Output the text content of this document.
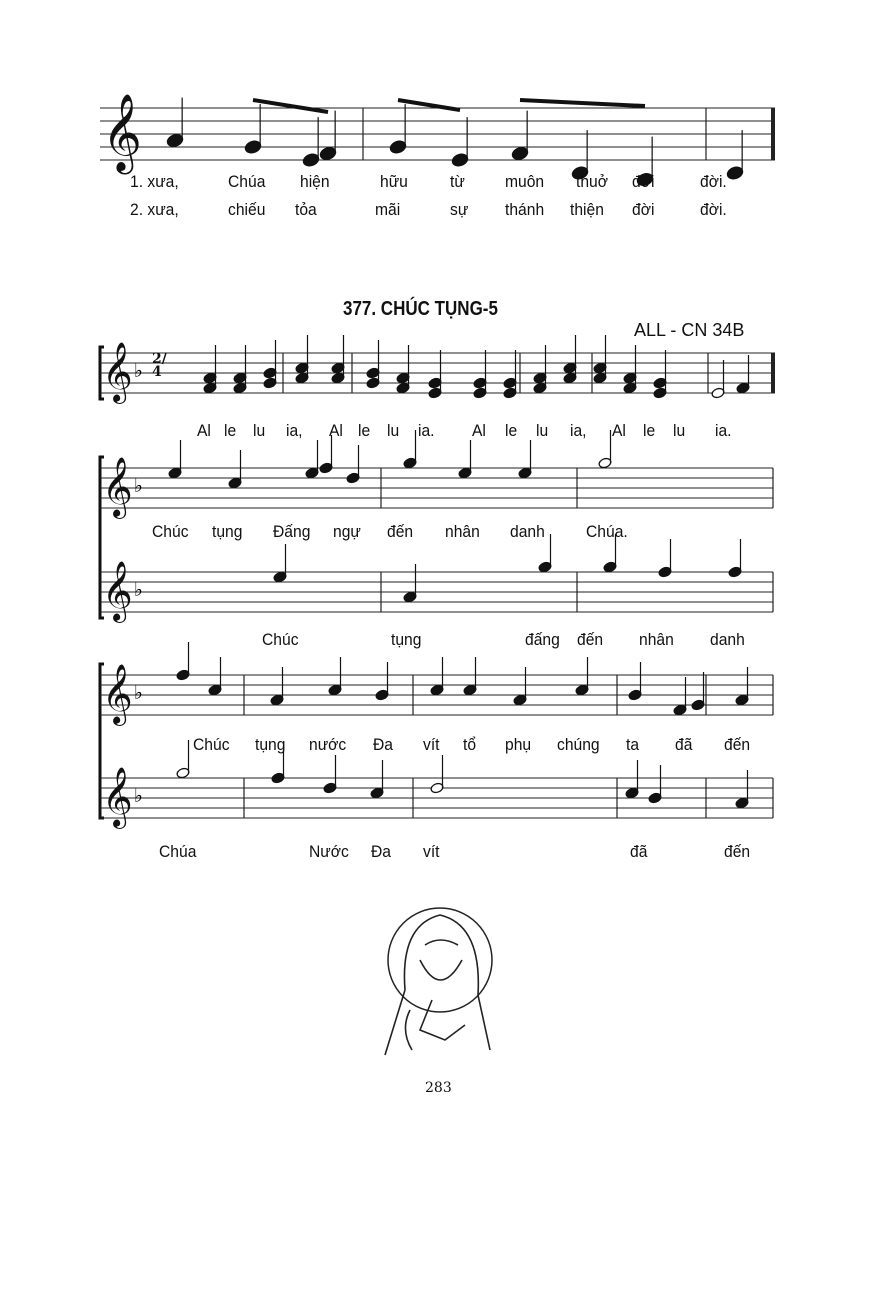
𝄞
𝄞 ♭
𝄞 ♭
𝄞 ♭
𝄞 ♭
𝄞 ♭
1. xưa,	Chúa hiện	hữu từ muôn thuở đời	đời.
2. xưa,	chiếu tỏa	mãi	sự thánh thiện đời	đời.
Al le lu ia, Al le lu ia. Al le lu ia, Al le lu ia.
Chúc tụng Đấng ngự đến nhân danh Chúa.
Chúc	tụng	đấng đến nhân danh
Chúc tụng nước Đa vít tổ phụ chúng ta đã đến
Chúa	Nước Đa vít	đã	đến
377. CHÚC TỤNG-5
ALL - CN 34B
2/4
283
